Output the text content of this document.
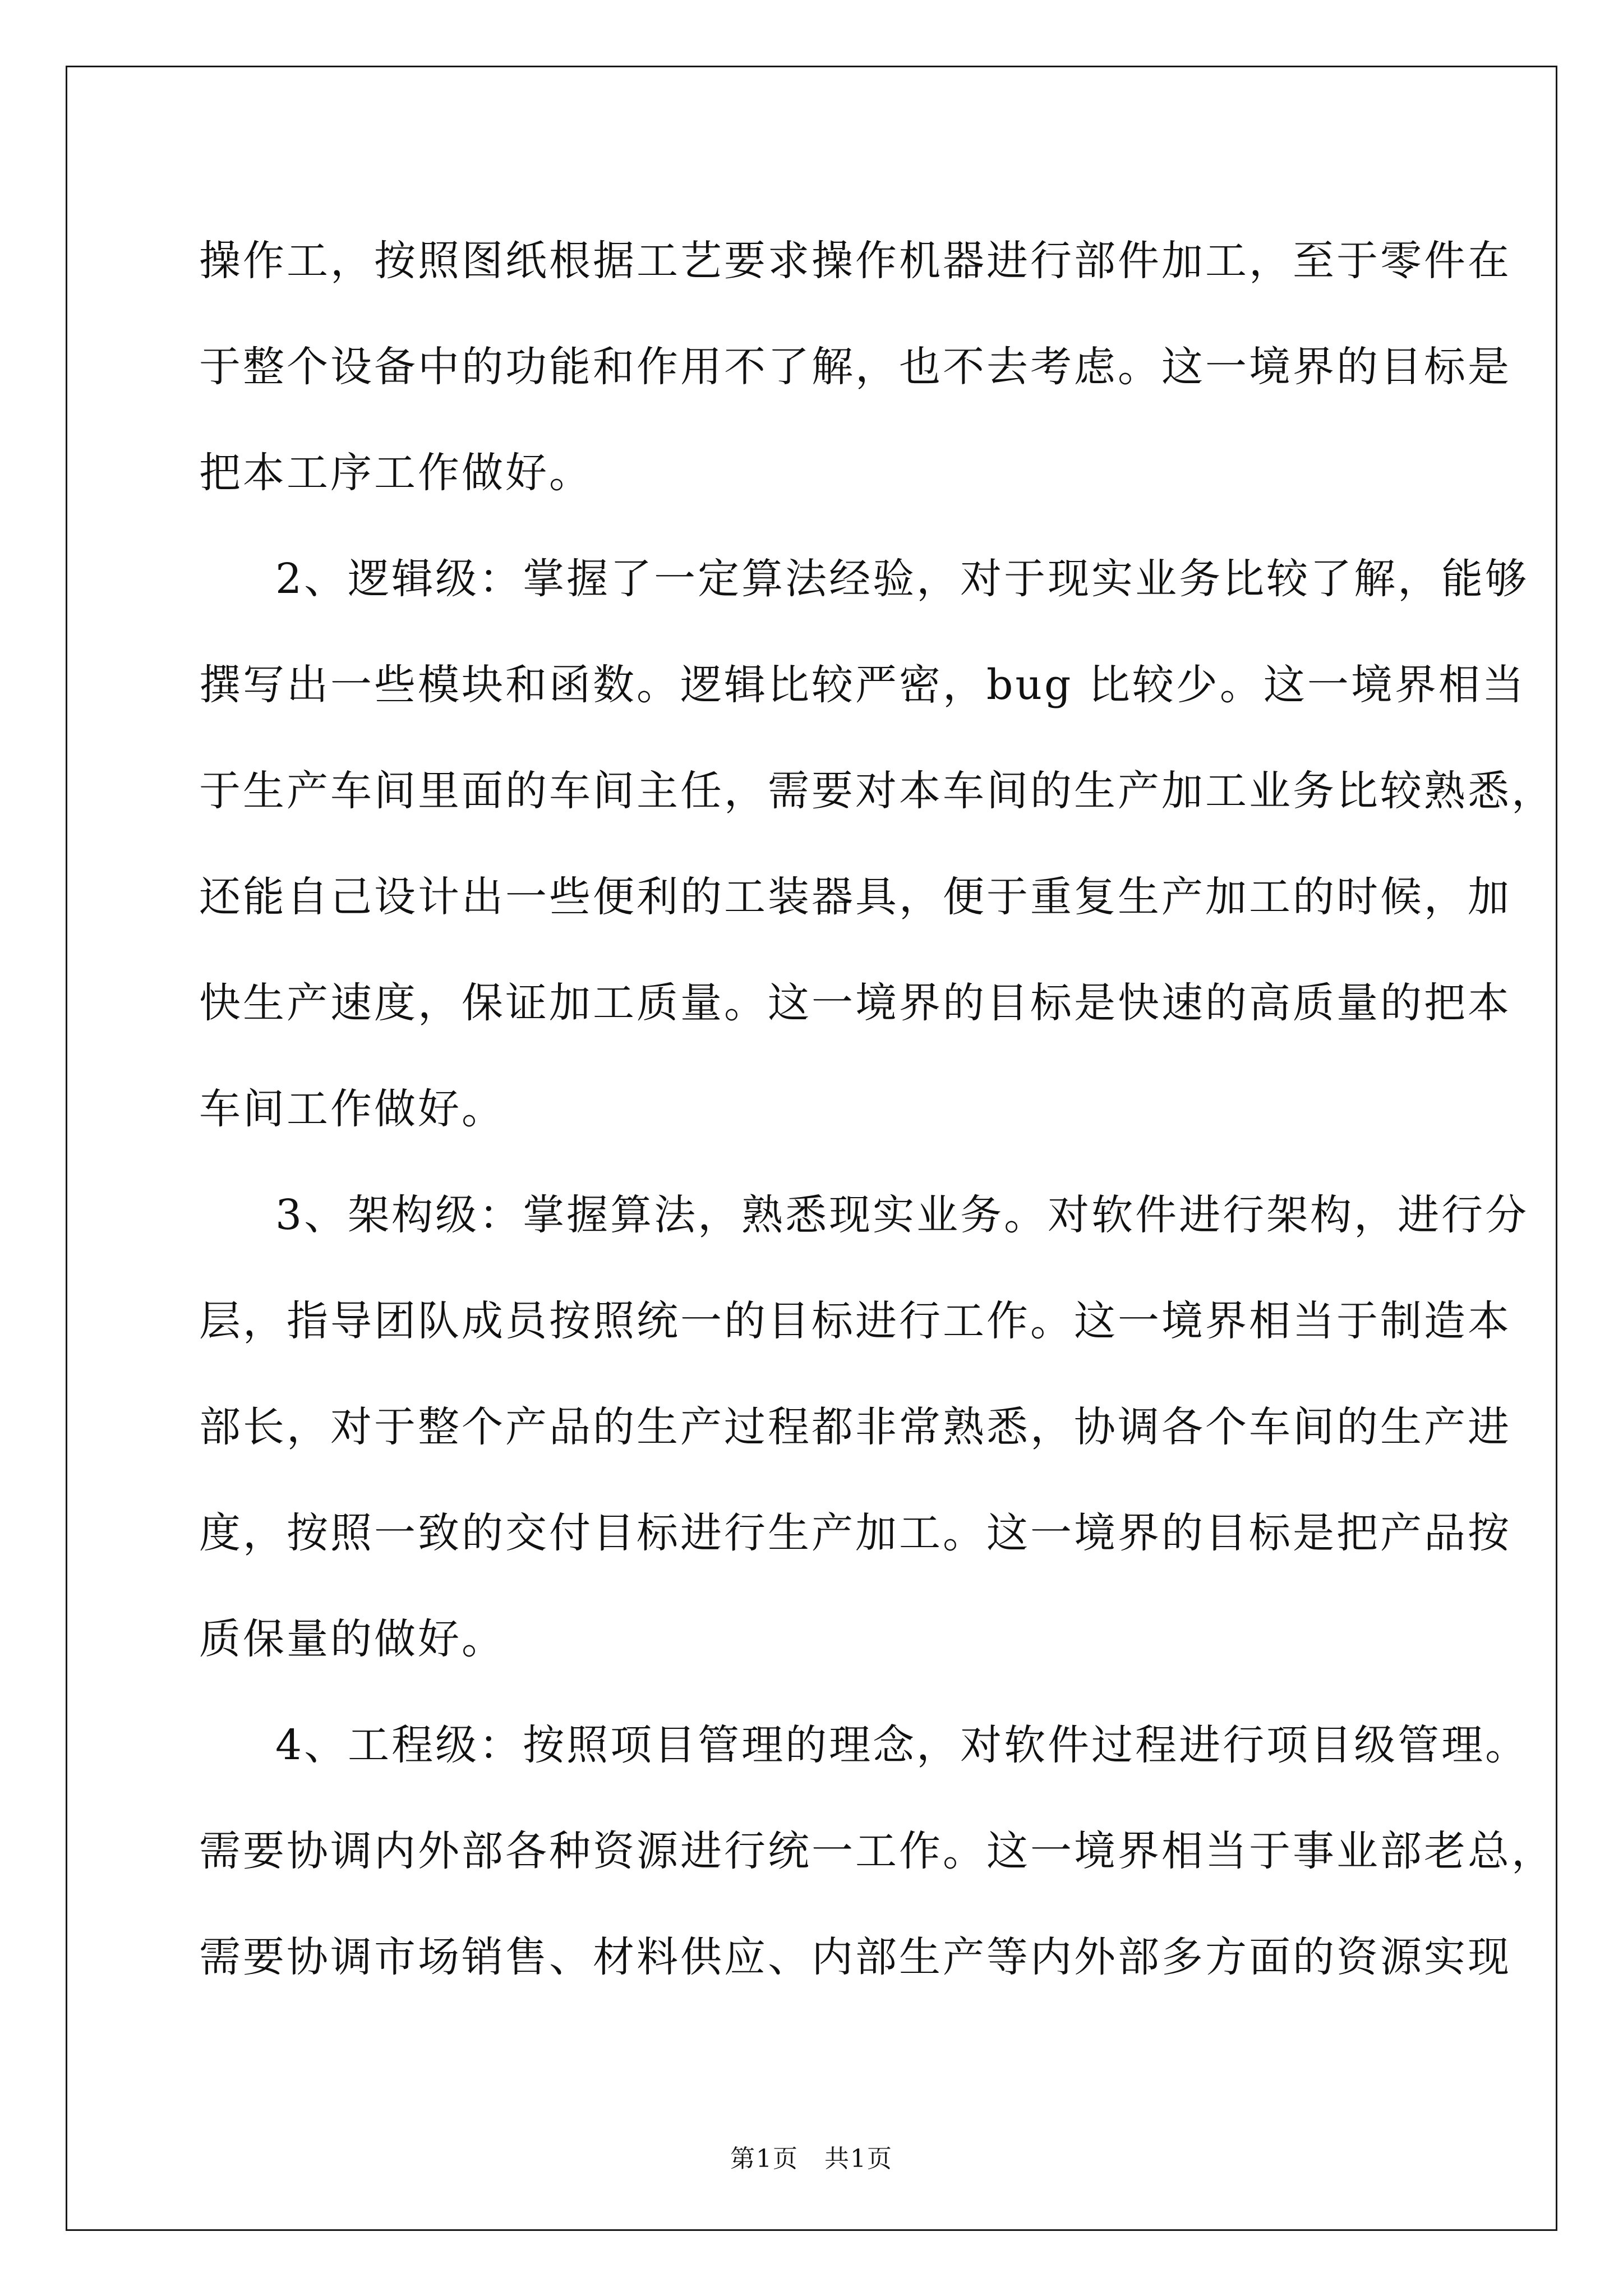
操作工，按照图纸根据工艺要求操作机器进行部件加工，至于零件在
于整个设备中的功能和作用不了解，也不去考虑。这一境界的目标是
把本工序工作做好。
2、逻辑级：掌握了一定算法经验，对于现实业务比较了解，能够
撰写出一些模块和函数。逻辑比较严密，bug 比较少。这一境界相当
于生产车间里面的车间主任，需要对本车间的生产加工业务比较熟悉，
还能自己设计出一些便利的工装器具，便于重复生产加工的时候，加
快生产速度，保证加工质量。这一境界的目标是快速的高质量的把本
车间工作做好。
3、架构级：掌握算法，熟悉现实业务。对软件进行架构，进行分
层，指导团队成员按照统一的目标进行工作。这一境界相当于制造本
部长，对于整个产品的生产过程都非常熟悉，协调各个车间的生产进
度，按照一致的交付目标进行生产加工。这一境界的目标是把产品按
质保量的做好。
4、工程级：按照项目管理的理念，对软件过程进行项目级管理。
需要协调内外部各种资源进行统一工作。这一境界相当于事业部老总，
需要协调市场销售、材料供应、内部生产等内外部多方面的资源实现
第1页　共1页
